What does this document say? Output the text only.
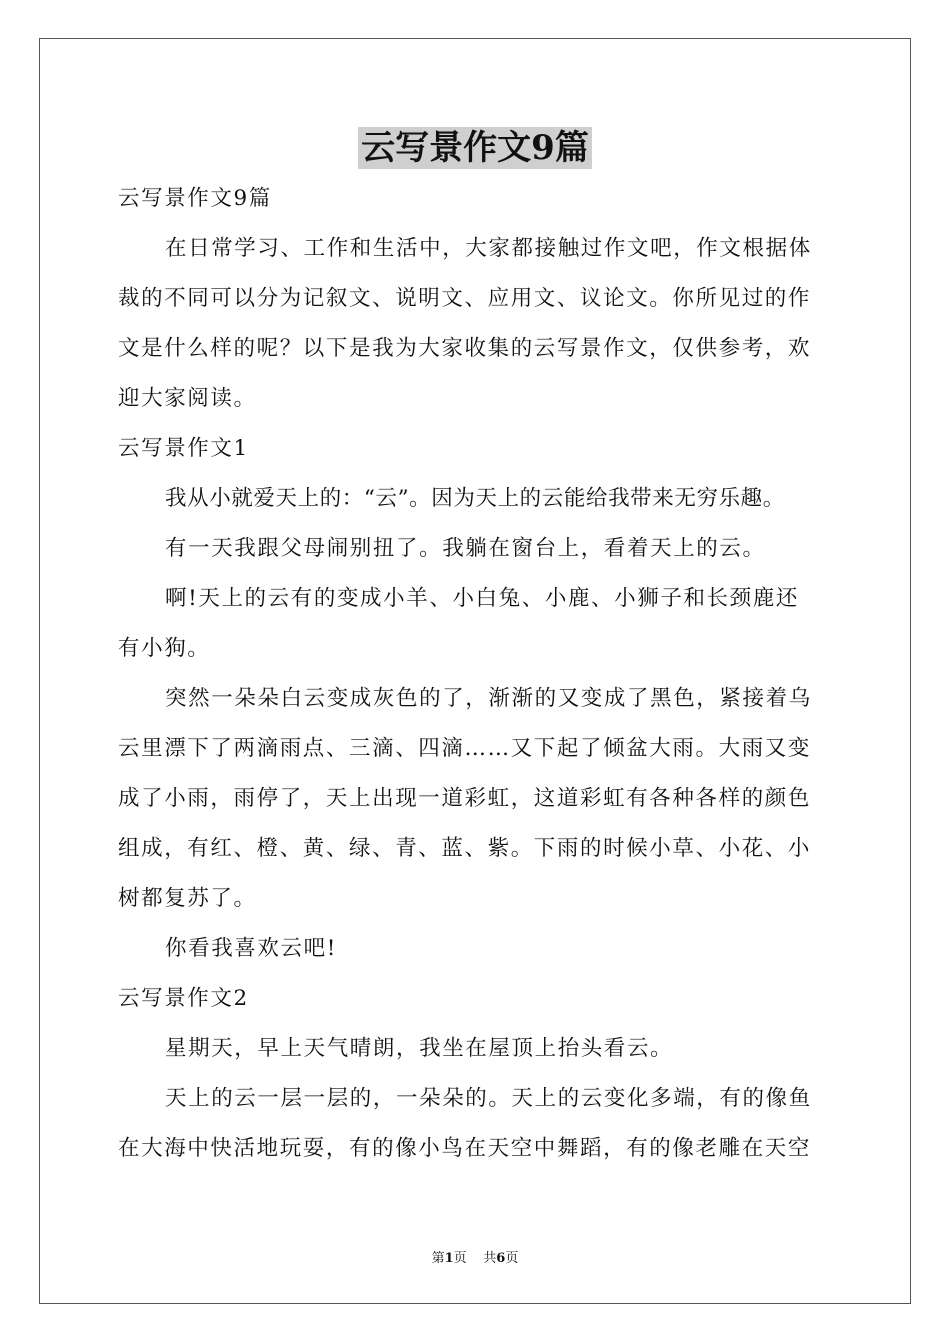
云写景作文9篇
云写景作文9篇
在日常学习、工作和生活中，大家都接触过作文吧，作文根据体
裁的不同可以分为记叙文、说明文、应用文、议论文。你所见过的作
文是什么样的呢？以下是我为大家收集的云写景作文，仅供参考，欢
迎大家阅读。
云写景作文1
我从小就爱天上的：“云”。因为天上的云能给我带来无穷乐趣。
有一天我跟父母闹别扭了。我躺在窗台上，看着天上的云。
啊!天上的云有的变成小羊、小白兔、小鹿、小狮子和长颈鹿还
有小狗。
突然一朵朵白云变成灰色的了，渐渐的又变成了黑色，紧接着乌
云里漂下了两滴雨点、三滴、四滴……又下起了倾盆大雨。大雨又变
成了小雨，雨停了，天上出现一道彩虹，这道彩虹有各种各样的颜色
组成，有红、橙、黄、绿、青、蓝、紫。下雨的时候小草、小花、小
树都复苏了。
你看我喜欢云吧!
云写景作文2
星期天，早上天气晴朗，我坐在屋顶上抬头看云。
天上的云一层一层的，一朵朵的。天上的云变化多端，有的像鱼
在大海中快活地玩耍，有的像小鸟在天空中舞蹈，有的像老雕在天空
第1页 共6页
